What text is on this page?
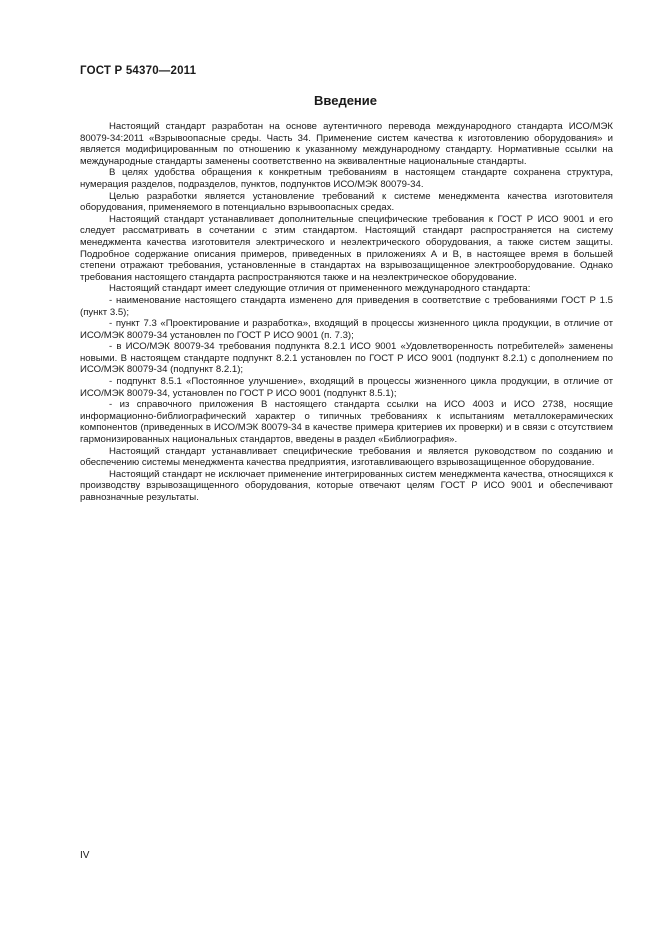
ГОСТ Р 54370—2011
Введение

Настоящий стандарт разработан на основе аутентичного перевода международного стандарта ИСО/МЭК 80079-34:2011 «Взрывоопасные среды. Часть 34. Применение систем качества к изготовлению оборудования» и является модифицированным по отношению к указанному международному стандарту. Нормативные ссылки на международные стандарты заменены соответственно на эквивалентные национальные стандарты.

В целях удобства обращения к конкретным требованиям в настоящем стандарте сохранена структура, нумерация разделов, подразделов, пунктов, подпунктов ИСО/МЭК 80079-34.

Целью разработки является установление требований к системе менеджмента качества изготовителя оборудования, применяемого в потенциально взрывоопасных средах.

Настоящий стандарт устанавливает дополнительные специфические требования к ГОСТ Р ИСО 9001 и его следует рассматривать в сочетании с этим стандартом. Настоящий стандарт распространяется на систему менеджмента качества изготовителя электрического и неэлектрического оборудования, а также систем защиты. Подробное содержание описания примеров, приведенных в приложениях А и В, в настоящее время в большей степени отражают требования, установленные в стандартах на взрывозащищенное электрооборудование. Однако требования настоящего стандарта распространяются также и на неэлектрическое оборудование.

Настоящий стандарт имеет следующие отличия от примененного международного стандарта:

- наименование настоящего стандарта изменено для приведения в соответствие с требованиями ГОСТ Р 1.5 (пункт 3.5);

- пункт 7.3 «Проектирование и разработка», входящий в процессы жизненного цикла продукции, в отличие от ИСО/МЭК 80079-34 установлен по ГОСТ Р ИСО 9001 (п. 7.3);

- в ИСО/МЭК 80079-34 требования подпункта 8.2.1 ИСО 9001 «Удовлетворенность потребителей» заменены новыми. В настоящем стандарте подпункт 8.2.1 установлен по ГОСТ Р ИСО 9001 (подпункт 8.2.1) с дополнением по ИСО/МЭК 80079-34 (подпункт 8.2.1);

- подпункт 8.5.1 «Постоянное улучшение», входящий в процессы жизненного цикла продукции, в отличие от ИСО/МЭК 80079-34, установлен по ГОСТ Р ИСО 9001 (подпункт 8.5.1);

- из справочного приложения В настоящего стандарта ссылки на ИСО 4003 и ИСО 2738, носящие информационно-библиографический характер о типичных требованиях к испытаниям металлокерамических компонентов (приведенных в ИСО/МЭК 80079-34 в качестве примера критериев их проверки) и в связи с отсутствием гармонизированных национальных стандартов, введены в раздел «Библиография».

Настоящий стандарт устанавливает специфические требования и является руководством по созданию и обеспечению системы менеджмента качества предприятия, изготавливающего взрывозащищенное оборудование.

Настоящий стандарт не исключает применение интегрированных систем менеджмента качества, относящихся к производству взрывозащищенного оборудования, которые отвечают целям ГОСТ Р ИСО 9001 и обеспечивают равнозначные результаты.

IV
